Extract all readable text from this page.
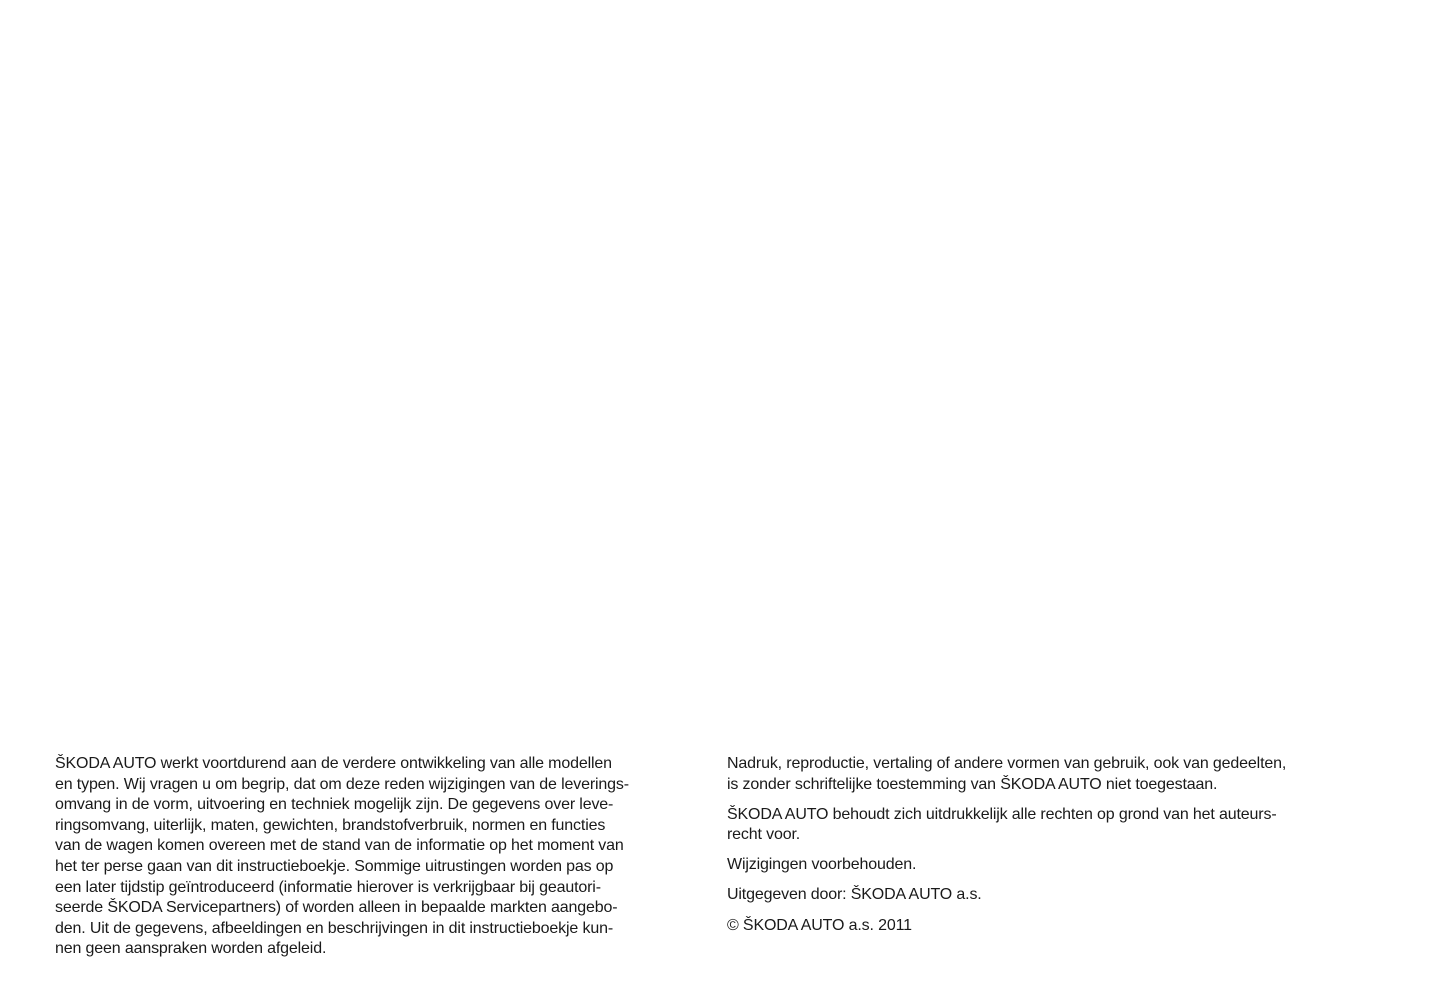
ŠKODA AUTO werkt voortdurend aan de verdere ontwikkeling van alle modellen
en typen. Wij vragen u om begrip, dat om deze reden wijzigingen van de leverings-
omvang in de vorm, uitvoering en techniek mogelijk zijn. De gegevens over leve-
ringsomvang, uiterlijk, maten, gewichten, brandstofverbruik, normen en functies
van de wagen komen overeen met de stand van de informatie op het moment van
het ter perse gaan van dit instructieboekje. Sommige uitrustingen worden pas op
een later tijdstip geïntroduceerd (informatie hierover is verkrijgbaar bij geautori-
seerde ŠKODA Servicepartners) of worden alleen in bepaalde markten aangebo-
den. Uit de gegevens, afbeeldingen en beschrijvingen in dit instructieboekje kun-
nen geen aanspraken worden afgeleid.
Nadruk, reproductie, vertaling of andere vormen van gebruik, ook van gedeelten,
is zonder schriftelijke toestemming van ŠKODA AUTO niet toegestaan.
ŠKODA AUTO behoudt zich uitdrukkelijk alle rechten op grond van het auteurs-
recht voor.
Wijzigingen voorbehouden.
Uitgegeven door: ŠKODA AUTO a.s.
© ŠKODA AUTO a.s. 2011
